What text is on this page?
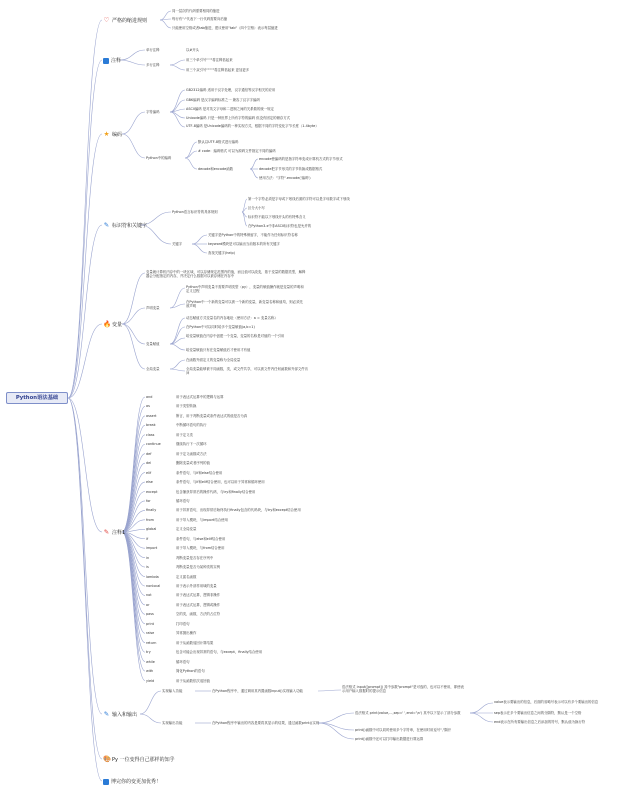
Python语法基础
♡ 严格的缩进规则
同一层次的代码需要相同的缩进
每行有":"代表下一行代码需要向后缩
只能使用空格或者tab缩进，建议使用"tab"（四个空格）表示每层缩进
注释
单行注释	以#开头
多行注释
用三个单引号"'''"将注释括起来
用三个双引号"""""将注释括起来 更加更多
★ 编码
字符编码
GB2312编码 适用于汉字处理，汉字通信等汉字相关的应用
GBK编码 是汉字编码标准之一 兼容了汉字字编码
ASCII编码 是对英文字母和二进制之间的关系做的统一规定
Unicode编码 只是一种世界上所有字符的编码 但没有固定的储存方式
UTF-8编码 是Unicode编码的一种实现方式，根据不同的字符变化字节长度（1-4byte）
Python中的编码
默认以UTF-8格式进行编码
# code：编码格式 可以为源码文件指定不同的编码
decode和encode函数
encode使编码的是指字符串变成计算机方式的字节形式
decode把字节形式的字节转换成数据格式
使用方法："字符".encode('编码')
✎ 标识符和关键字
Python语言标识符的具体规则
第一个字符必须是字母或下划线后面的字符可以是字母数字或下划线
区分大小写
标识符不能以下划线开头的有特殊含义
在Python3.x中非ASCII标识符也是允许的
关键字
关键字是Python中的特殊保留字，不能作为任何标识符名称
keyword模块是可以输出当前版本的所有关键字
查找关键字(help)
🔥 变量
变量就计算机内存中的一块区域，可以存储规定范围内的值，而且值可以改变，基于变量的数据类型，解释器会分配指定的内存，并决定什么数据可以被存储在内存中
声明变量
Python中声明变量不需要声明类型（py），变量的赋值操作就是变量的声明和定义过程
在Python中一个新的变量可以被一个新的变量，新变量名称和值均，则必须先被声明
变量赋值
动态赋值方式变量名的内存地址（使用方法：a = 变量名称）
在Python中可以同时给多个变量赋值(a,b=1)
给变量赋值在内存中创建一个变量，变量的名称是对值的一个引用
给变量赋值只有在变量赋值后才使用才有值
全局变量
在函数外面定义的变量称为全局变量
全局变量能够被不同函数，类，或文件共享，可以被文件内任何函数和外部文件访问
✎ 注释1
and	用于表达式运算中的逻辑与运算
as	用于类型转换
assert	断言，用于判断变量或条件表达式的值是否为真
break	中断循环语句的执行
class	用于定义类
continue	继续执行下一次循环
def	用于定义函数或方法
del	删除变量或者序列的值
elif	条件语句，与if和else结合使用
else	条件语句，与if和elif结合使用，也可以用于异常和循环使用
except	包含捕获异常后的操作代码，与try和finally结合使用
for	循环语句
finally	用于异常语句，出现异常后始终执行finally包含的代码块，与try和except结合使用
from	用于导入模块，与import结合使用
global	定义全局变量
if	条件语句，与else和elif结合使用
import	用于导入模块，与from结合使用
in	判断变量是否存在序列中
is	判断变量是否为某种类的实例
lambda	定义匿名函数
nonlocal	用于表示外部作用域的变量
not	用于表达式运算，逻辑非操作
or	用于表达式运算，逻辑或操作
pass	空的类，函数，方法的占位符
print	打印语句
raise	异常抛出操作
return	用于从函数返回计算结果
try	包含可能会出现异常的语句，与except，finally结合使用
while	循环语句
with	简化Python的语句
yield	用于从函数依次返回值
✎ 输入和输出
实现输入功能	在Python程序中，通过调用其内置函数input()实现输入功能
语法格式 input([prompt]) 其中参数"prompt"是可选的，也可以不使用，即使表示用户输入数据时的提示信息
实现输出功能	在Python程序中输出的内容是要将其显示的结果，通过函数print()实现
语法格式 print(value,...,sep=' ',end='\n') 其中以下显示了部分参数
value表示要输出的信息，后面的省略号表示可以有多个要输出的信息
sep表示在多个要输出信息之间的分隔符，默认是一个空格
end表示在所有要输出信息之后添加的符号，默认值为换行符
print()函数中可以同时使用多个字符串，在使用时用逗号","隔开
print()函数中还可以打印输出数据进行算运算
🎨 Py 一位变得自己那样的知乎
博完你的变更加优秀！
